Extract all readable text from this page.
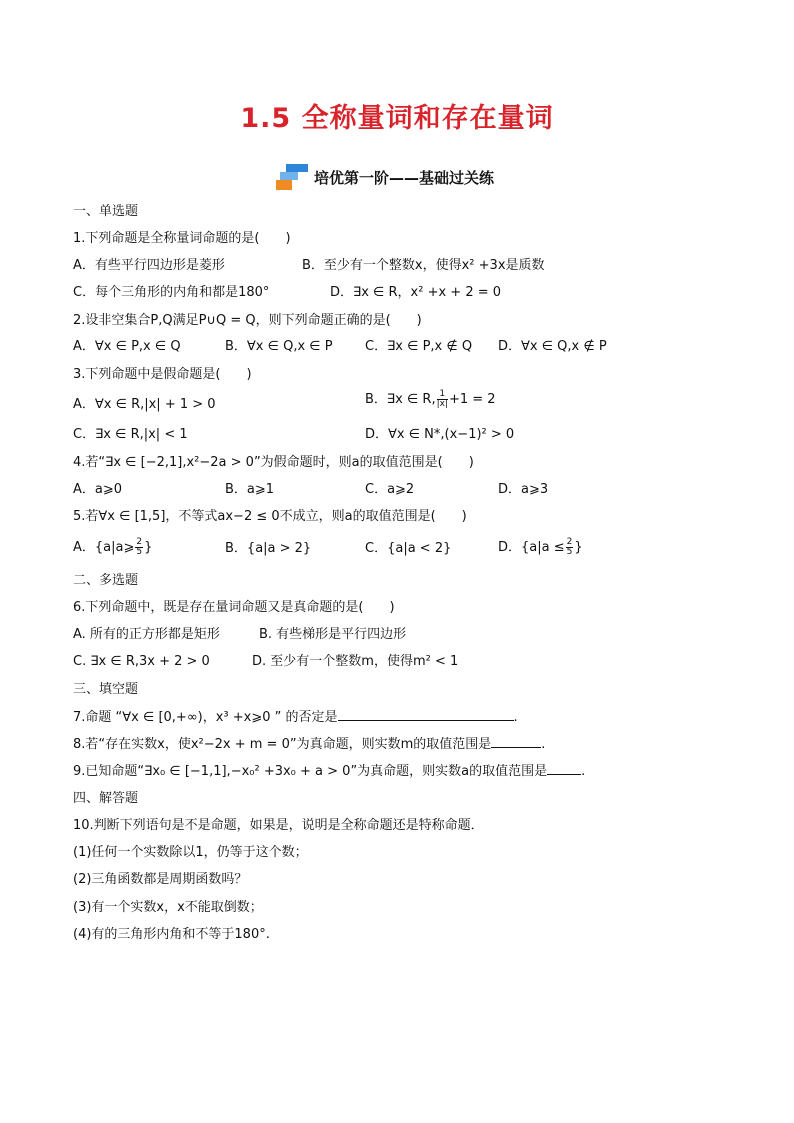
1.5 全称量词和存在量词
培优第一阶——基础过关练
一、单选题
1.下列命题是全称量词命题的是(　　)
A．有些平行四边形是菱形	B．至少有一个整数x，使得x² +3x是质数
C．每个三角形的内角和都是180°	D．∃x ∈ R，x² +x + 2 = 0
2.设非空集合P,Q满足P∪Q = Q，则下列命题正确的是(　　)
A．∀x ∈ P,x ∈ Q	B．∀x ∈ Q,x ∈ P C．∃x ∈ P,x ∉ Q D．∀x ∈ Q,x ∉ P
3.下列命题中是假命题是(　　)
A．∀x ∈ R,|x| + 1 > 0	B．∃x ∈ R, $\frac{1}{|x|} +1 = 2$
C．∃x ∈ R,|x| < 1	D．∀x ∈ N*,(x−1)² > 0
4.若“∃x ∈ [−2,1],x²−2a > 0”为假命题时，则a的取值范围是(　　)
A．a⩾0	B．a⩾1	C．a⩾2	D．a⩾3
5.若∀x ∈ [1,5]，不等式ax−2 ≤ 0不成立，则a的取值范围是(　　)
A．{a|a⩾ $\frac{2}{5}$ }	B．{a|a > 2}	C．{a|a < 2}	D．{$a|a \le \frac{2}{5}$ }
二、多选题
6.下列命题中，既是存在量词命题又是真命题的是(　　)
A. 所有的正方形都是矩形	B. 有些梯形是平行四边形
C. ∃x ∈ R,3x + 2 > 0	D. 至少有一个整数m，使得m² < 1
三、填空题
7.命题 “∀x ∈ [0,+∞)，x³ +x⩾0 ” 的否定是	.
8.若“存在实数x，使x²−2x + m = 0”为真命题，则实数m的取值范围是	.
9.已知命题“∃x₀ ∈ [−1,1],−x₀² +3x₀ + a > 0”为真命题，则实数a的取值范围是	.
四、解答题
10.判断下列语句是不是命题，如果是，说明是全称命题还是特称命题．
(1)任何一个实数除以1，仍等于这个数；
(2)三角函数都是周期函数吗？
(3)有一个实数x，x不能取倒数；
(4)有的三角形内角和不等于180°.
